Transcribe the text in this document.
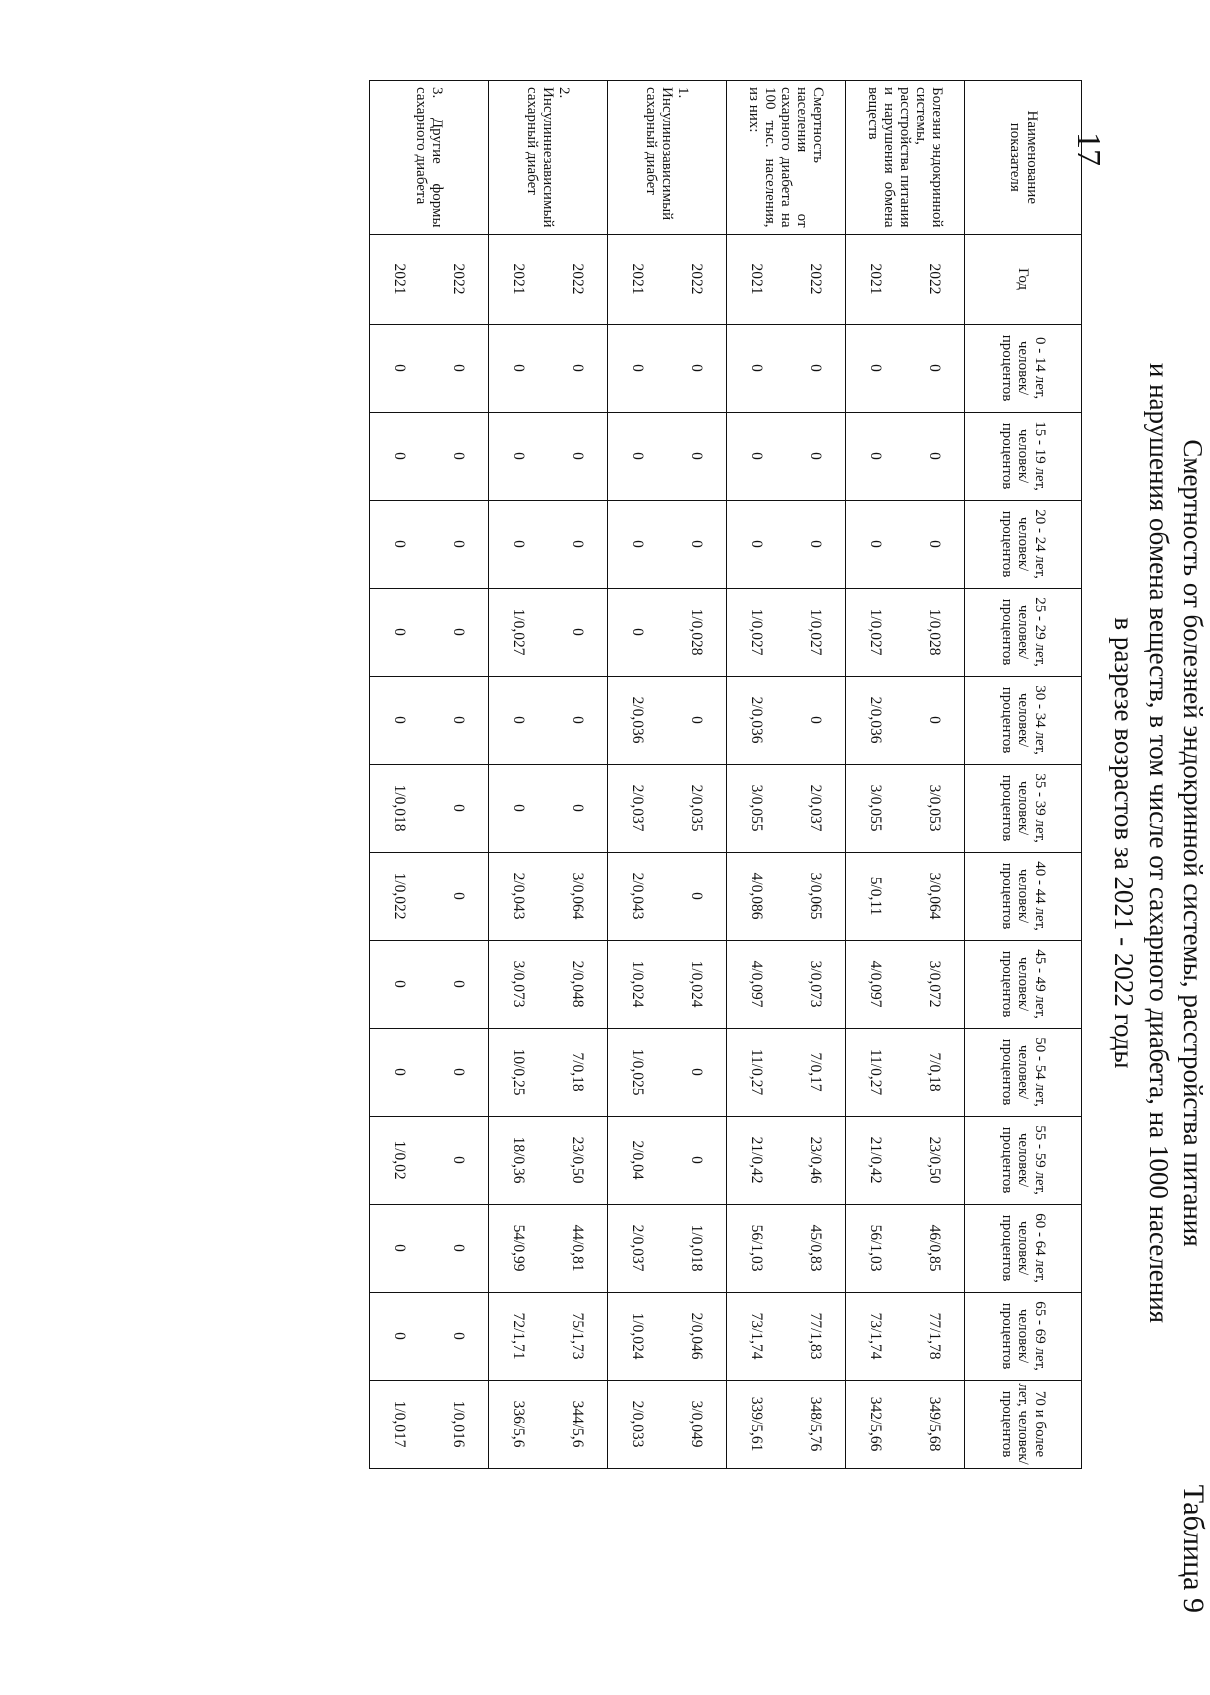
17
Таблица 9
Смертность от болезней эндокринной системы, расстройства питания
и нарушения обмена веществ, в том числе от сахарного диабета, на 1000 населения
в разрезе возрастов за 2021 - 2022 годы
Наименование показателя	Год	0 - 14 лет, человек/ процентов	15 - 19 лет, человек/ процентов	20 - 24 лет, человек/ процентов	25 - 29 лет, человек/ процентов	30 - 34 лет, человек/ процентов	35 - 39 лет, человек/ процентов	40 - 44 лет, человек/ процентов	45 - 49 лет, человек/ процентов	50 - 54 лет, человек/ процентов	55 - 59 лет, человек/ процентов	60 - 64 лет, человек/ процентов	65 - 69 лет, человек/ процентов	70 и более лет, человек/ процентов
Болезни эндокринной системы, расстройства питания и нарушения обмена веществ	2022	0	0	0	1/0,028	0	3/0,053	3/0,064	3/0,072	7/0,18	23/0,50	46/0,85	77/1,78	349/5,68
	2021	0	0	0	1/0,027	2/0,036	3/0,055	5/0,11	4/0,097	11/0,27	21/0,42	56/1,03	73/1,74	342/5,66
Смертность населения от сахарного диабета на 100 тыс. населения, из них:	2022	0	0	0	1/0,027	0	2/0,037	3/0,065	3/0,073	7/0,17	23/0,46	45/0,83	77/1,83	348/5,76
	2021	0	0	0	1/0,027	2/0,036	3/0,055	4/0,086	4/0,097	11/0,27	21/0,42	56/1,03	73/1,74	339/5,61
1. Инсулинозависимый сахарный диабет	2022	0	0	0	1/0,028	0	2/0,035	0	1/0,024	0	0	1/0,018	2/0,046	3/0,049
	2021	0	0	0	0	2/0,036	2/0,037	2/0,043	1/0,024	1/0,025	2/0,04	2/0,037	1/0,024	2/0,033
2. Инсулиннезависимый сахарный диабет	2022	0	0	0	0	0	0	3/0,064	2/0,048	7/0,18	23/0,50	44/0,81	75/1,73	344/5,6
	2021	0	0	0	1/0,027	0	0	2/0,043	3/0,073	10/0,25	18/0,36	54/0,99	72/1,71	336/5,6
3. Другие формы сахарного диабета	2022	0	0	0	0	0	0	0	0	0	0	0	0	1/0,016
	2021	0	0	0	0	0	1/0,018	1/0,022	0	0	1/0,02	0	0	1/0,017
